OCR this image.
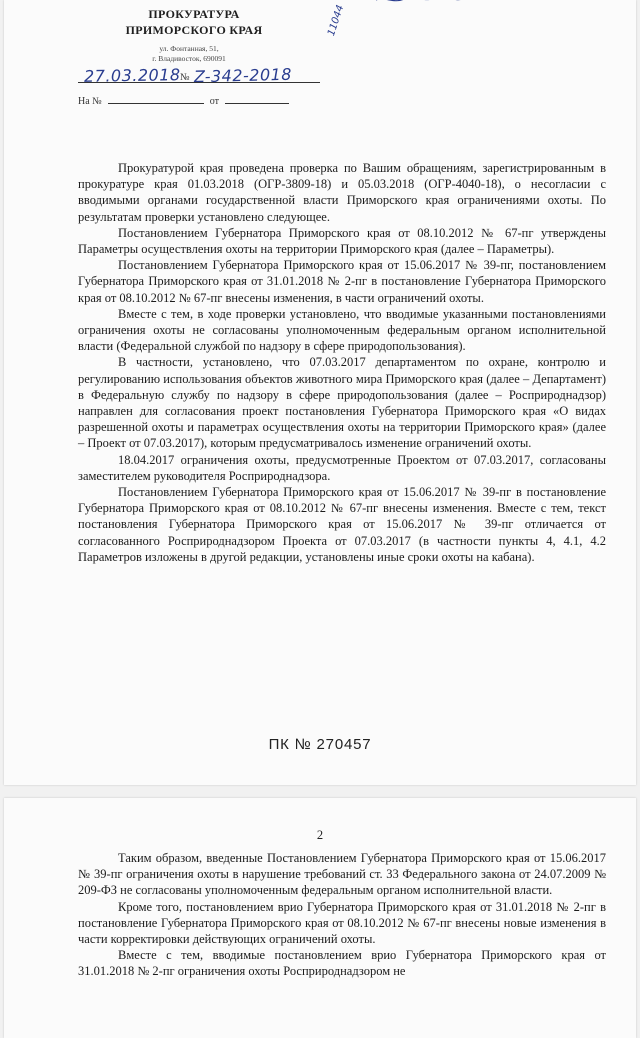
ПРОКУРАТУРА
ПРИМОРСКОГО КРАЯ
ул. Фонтанная, 51,
г. Владивосток, 690091
27.03.2018 № Z-342-2018
11044
На №	от

Прокуратурой края проведена проверка по Вашим обращениям, зарегистрированным в прокуратуре края 01.03.2018 (ОГР-3809-18) и 05.03.2018 (ОГР-4040-18), о несогласии с вводимыми органами государственной власти Приморского края ограничениями охоты. По результатам проверки установлено следующее.

Постановлением Губернатора Приморского края от 08.10.2012 № 67-пг утверждены Параметры осуществления охоты на территории Приморского края (далее – Параметры).

Постановлением Губернатора Приморского края от 15.06.2017 № 39-пг, постановлением Губернатора Приморского края от 31.01.2018 № 2-пг в постановление Губернатора Приморского края от 08.10.2012 № 67-пг внесены изменения, в части ограничений охоты.

Вместе с тем, в ходе проверки установлено, что вводимые указанными постановлениями ограничения охоты не согласованы уполномоченным федеральным органом исполнительной власти (Федеральной службой по надзору в сфере природопользования).

В частности, установлено, что 07.03.2017 департаментом по охране, контролю и регулированию использования объектов животного мира Приморского края (далее – Департамент) в Федеральную службу по надзору в сфере природопользования (далее – Росприроднадзор) направлен для согласования проект постановления Губернатора Приморского края «О видах разрешенной охоты и параметрах осуществления охоты на территории Приморского края» (далее – Проект от 07.03.2017), которым предусматривалось изменение ограничений охоты.

18.04.2017 ограничения охоты, предусмотренные Проектом от 07.03.2017, согласованы заместителем руководителя Росприроднадзора.

Постановлением Губернатора Приморского края от 15.06.2017 № 39-пг в постановление Губернатора Приморского края от 08.10.2012 № 67-пг внесены изменения. Вместе с тем, текст постановления Губернатора Приморского края от 15.06.2017 № 39-пг отличается от согласованного Росприроднадзором Проекта от 07.03.2017 (в частности пункты 4, 4.1, 4.2 Параметров изложены в другой редакции, установлены иные сроки охоты на кабана).

ПК № 270457
2

Таким образом, введенные Постановлением Губернатора Приморского края от 15.06.2017 № 39-пг ограничения охоты в нарушение требований ст. 33 Федерального закона от 24.07.2009 № 209-ФЗ не согласованы уполномоченным федеральным органом исполнительной власти.

Кроме того, постановлением врио Губернатора Приморского края от 31.01.2018 № 2-пг в постановление Губернатора Приморского края от 08.10.2012 № 67-пг внесены новые изменения в части корректировки действующих ограничений охоты.

Вместе с тем, вводимые постановлением врио Губернатора Приморского края от 31.01.2018 № 2-пг ограничения охоты Росприроднадзором не
